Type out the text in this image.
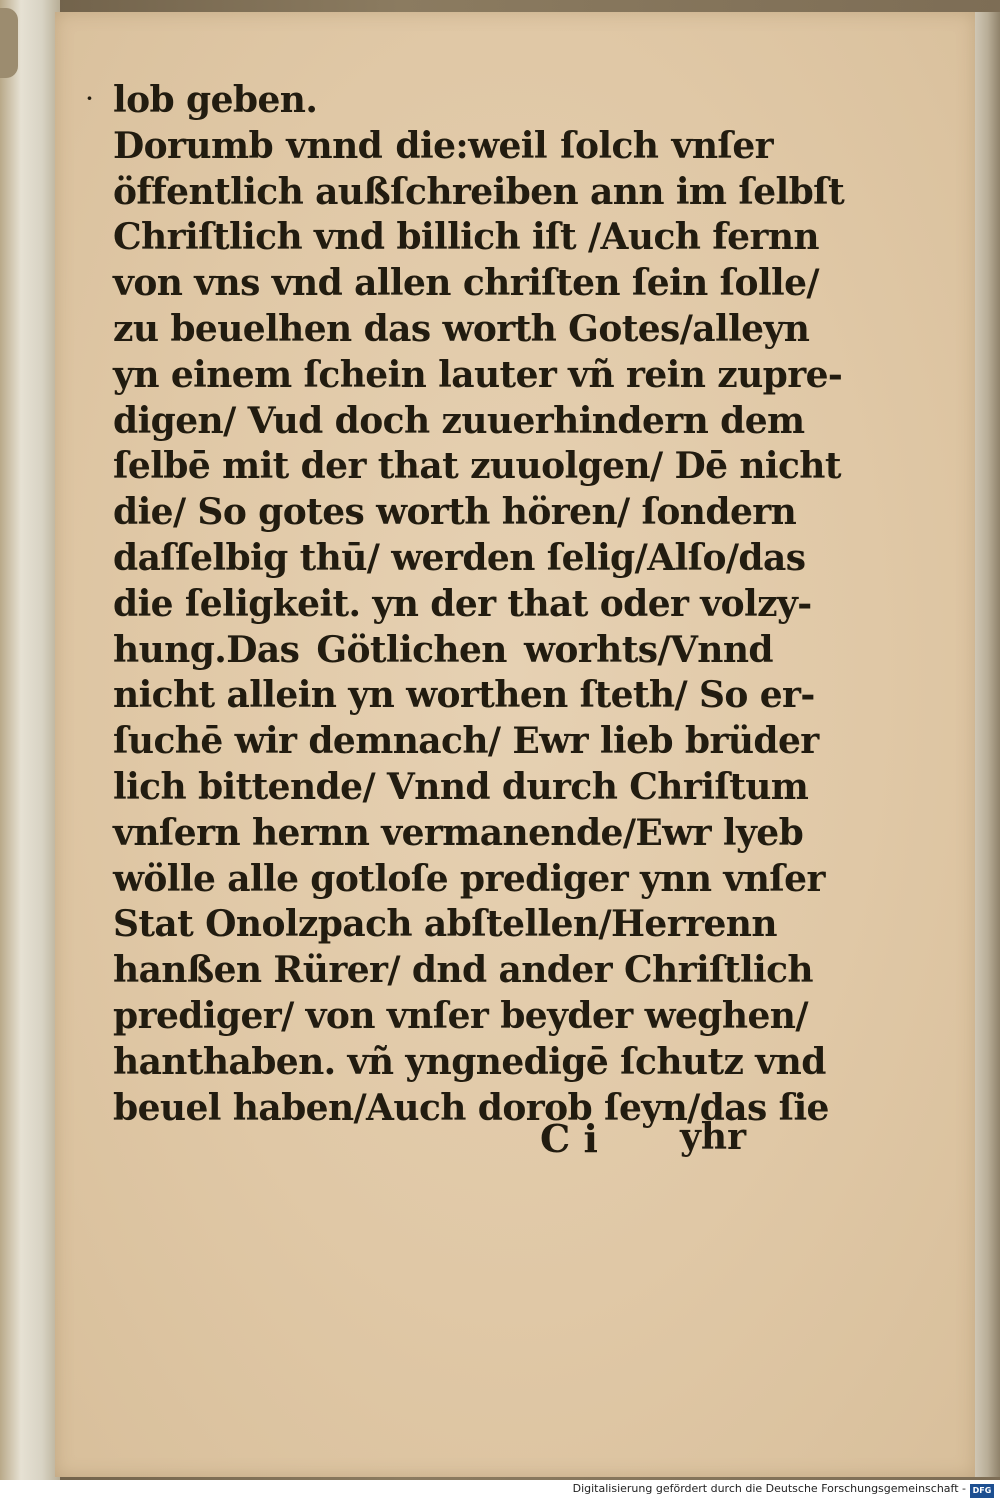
· lob geben.
Dorumb vnnd die:weil ſolch vnſer
öffentlich außſchreiben ann im ſelbſt
Chriſtlich vnd billich iſt /Auch fernn
von vns vnd allen chriſten ſein ſolle/
zu beuelhen das worth Gotes/alleyn
yn einem ſchein lauter vñ rein zupre-
digen/ Vud doch zuuerhindern dem
ſelbē mit der that zuuolgen/ Dē nicht
die/ So gotes worth hören/ ſondern
daſſelbig thū/ werden ſelig/Alſo/das
die ſeligkeit. yn der that oder volzy-
hung.Das Götlichen worhts/Vnnd
nicht allein yn worthen ſteth/ So er-
ſuchē wir demnach/ Ewr lieb brüder
lich bittende/ Vnnd durch Chriſtum
vnſern hernn vermanende/Ewr lyeb
wölle alle gotloſe prediger ynn vnſer
Stat Onolzpach abſtellen/Herrenn
hanßen Rürer/ dnd ander Chriſtlich
prediger/ von vnſer beyder weghen/
hanthaben. vñ yngnedigē ſchutz vnd
beuel haben/Auch dorob ſeyn/das ſie
C i yhr
Digitalisierung gefördert durch die Deutsche Forschungsgemeinschaft - DFG
